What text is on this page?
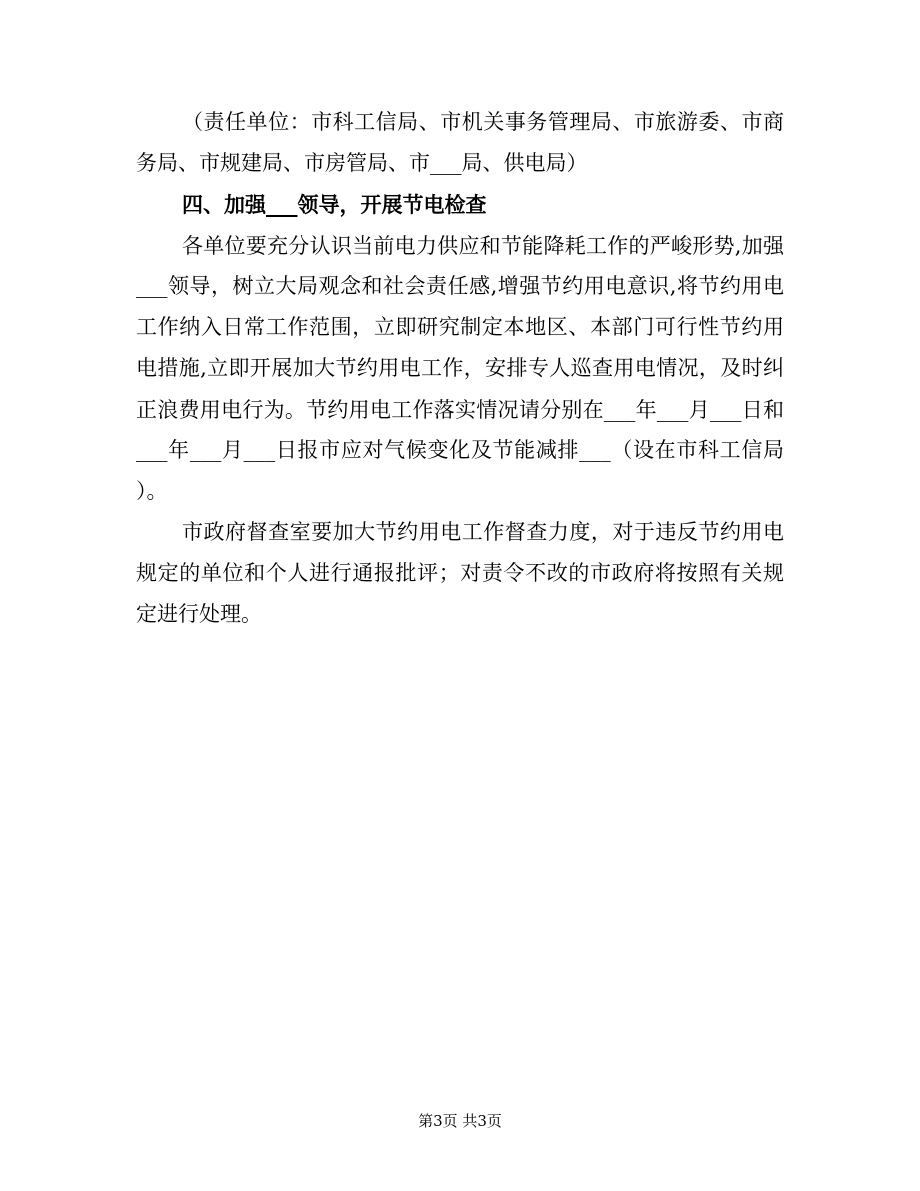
（责任单位：市科工信局、市机关事务管理局、市旅游委、市商
务局、市规建局、市房管局、市___局、供电局）
四、加强___领导，开展节电检查
各单位要充分认识当前电力供应和节能降耗工作的严峻形势,加强
___领导，树立大局观念和社会责任感,增强节约用电意识,将节约用电
工作纳入日常工作范围，立即研究制定本地区、本部门可行性节约用
电措施,立即开展加大节约用电工作，安排专人巡查用电情况，及时纠
正浪费用电行为。节约用电工作落实情况请分别在___年___月___日和
___年___月___日报市应对气候变化及节能减排___（设在市科工信局
）。
市政府督查室要加大节约用电工作督查力度，对于违反节约用电
规定的单位和个人进行通报批评；对责令不改的市政府将按照有关规
定进行处理。
第3页 共3页
